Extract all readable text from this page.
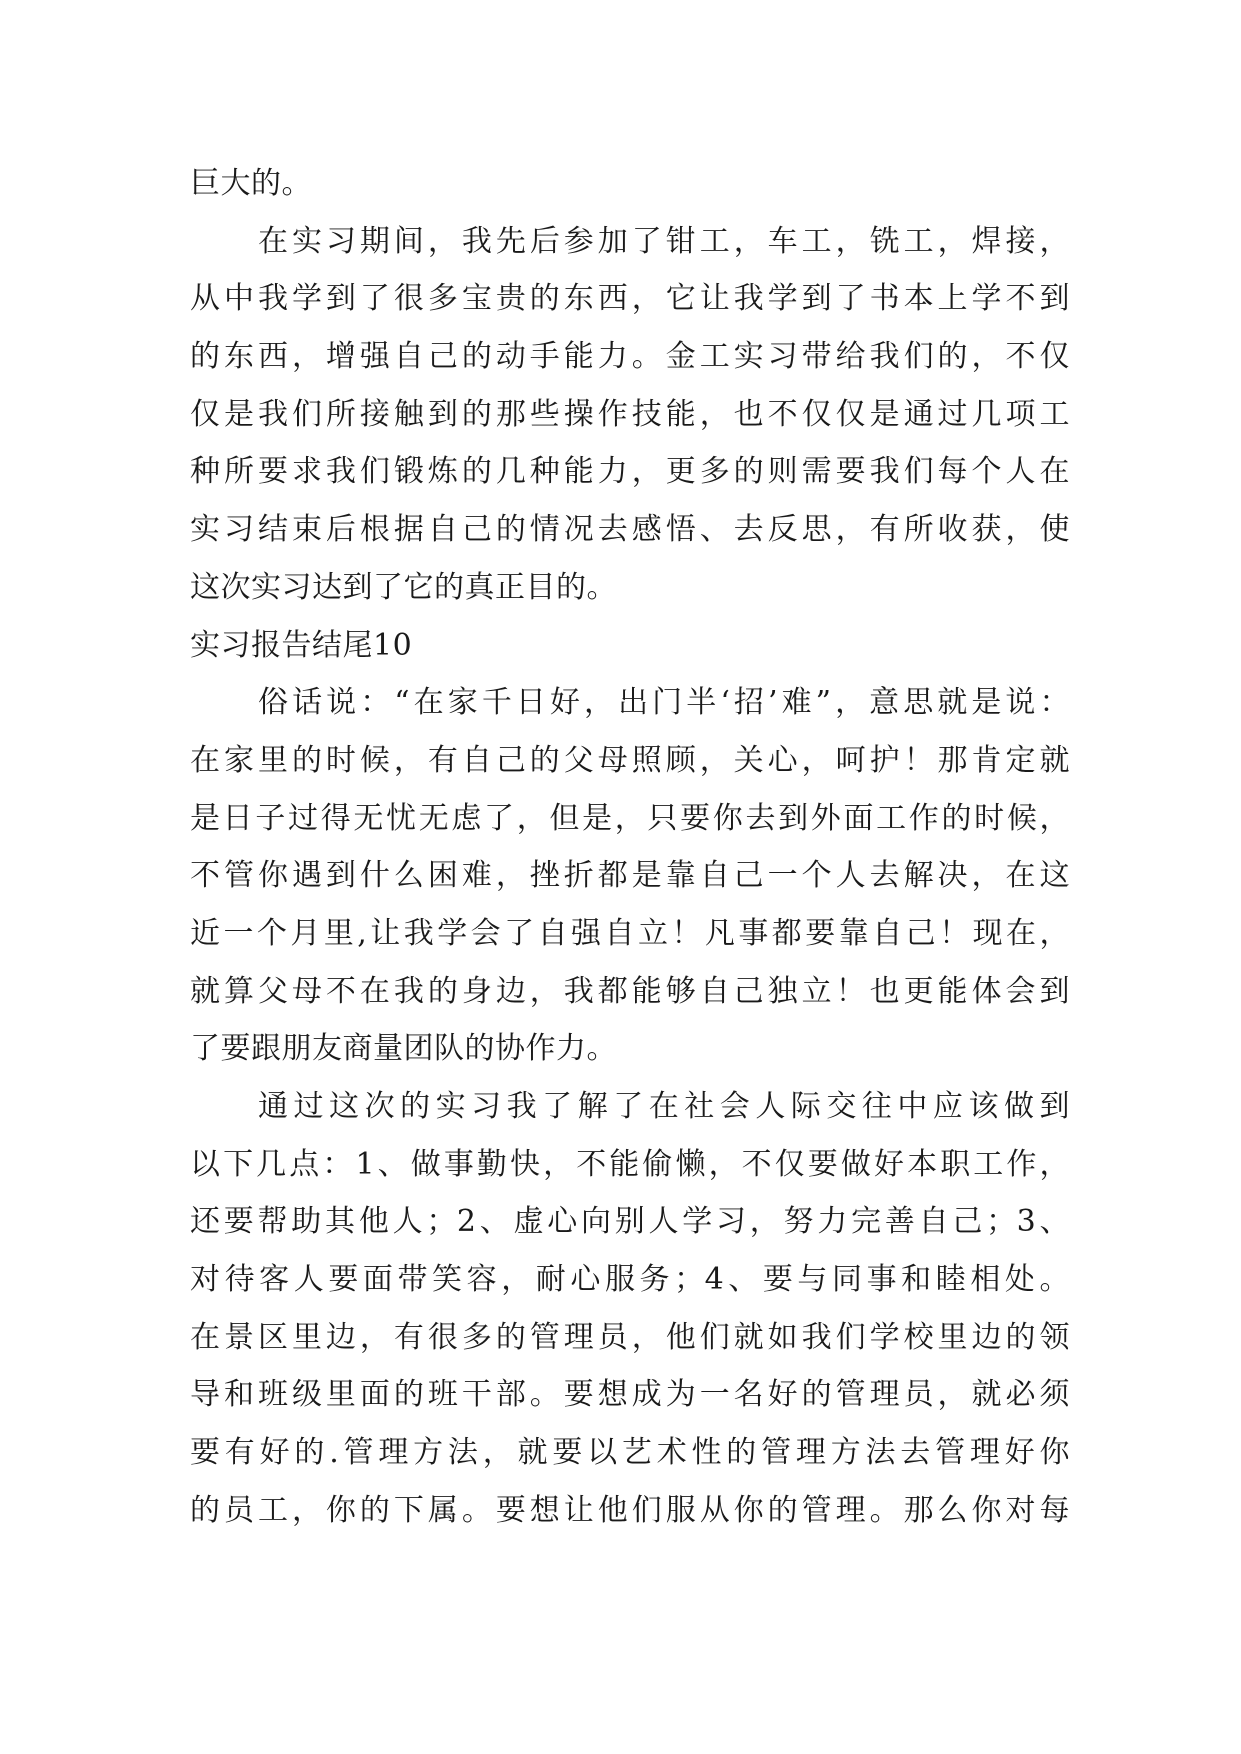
巨大的。
在实习期间，我先后参加了钳工，车工，铣工，焊接，
从中我学到了很多宝贵的东西，它让我学到了书本上学不到
的东西，增强自己的动手能力。金工实习带给我们的，不仅
仅是我们所接触到的那些操作技能，也不仅仅是通过几项工
种所要求我们锻炼的几种能力，更多的则需要我们每个人在
实习结束后根据自己的情况去感悟、去反思，有所收获，使
这次实习达到了它的真正目的。
实习报告结尾10
俗话说：“在家千日好，出门半‘招’难”，意思就是说：
在家里的时候，有自己的父母照顾，关心，呵护！那肯定就
是日子过得无忧无虑了，但是，只要你去到外面工作的时候，
不管你遇到什么困难，挫折都是靠自己一个人去解决，在这
近一个月里,让我学会了自强自立！凡事都要靠自己！现在，
就算父母不在我的身边，我都能够自己独立！也更能体会到
了要跟朋友商量团队的协作力。
通过这次的实习我了解了在社会人际交往中应该做到
以下几点：1、做事勤快，不能偷懒，不仅要做好本职工作，
还要帮助其他人；2、虚心向别人学习，努力完善自己；3、
对待客人要面带笑容，耐心服务；4、要与同事和睦相处。
在景区里边，有很多的管理员，他们就如我们学校里边的领
导和班级里面的班干部。要想成为一名好的管理员，就必须
要有好的.管理方法，就要以艺术性的管理方法去管理好你
的员工，你的下属。要想让他们服从你的管理。那么你对每
